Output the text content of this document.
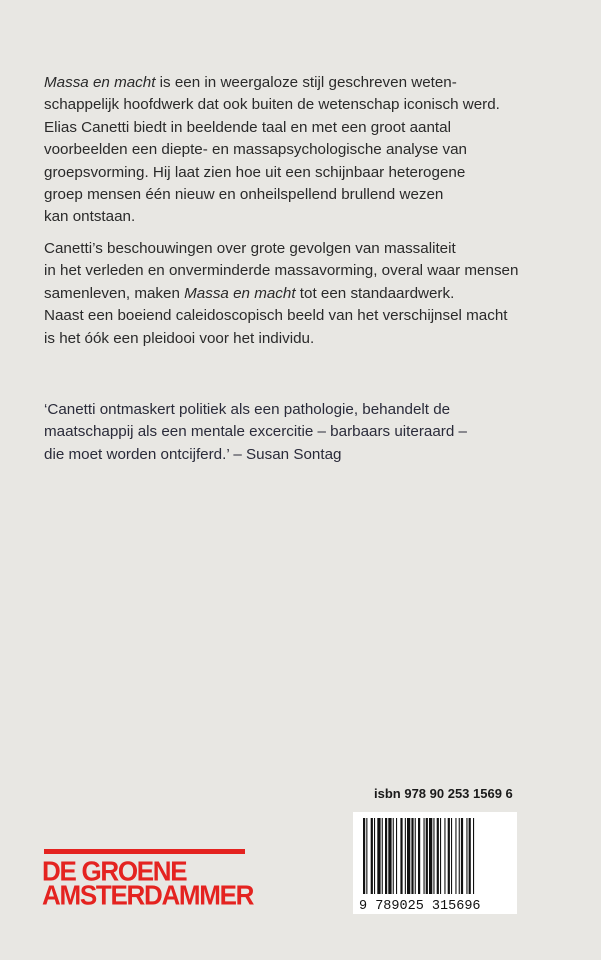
Massa en macht is een in weergaloze stijl geschreven weten-
schappelijk hoofdwerk dat ook buiten de wetenschap iconisch werd.
Elias Canetti biedt in beeldende taal en met een groot aantal
voorbeelden een diepte- en massapsychologische analyse van
groepsvorming. Hij laat zien hoe uit een schijnbaar heterogene
groep mensen één nieuw en onheilspellend brullend wezen
kan ontstaan.

Canetti’s beschouwingen over grote gevolgen van massaliteit
in het verleden en onverminderde massavorming, overal waar mensen
samenleven, maken Massa en macht tot een standaardwerk.
Naast een boeiend caleidoscopisch beeld van het verschijnsel macht
is het óók een pleidooi voor het individu.

‘Canetti ontmaskert politiek als een pathologie, behandelt de
maatschappij als een mentale excercitie – barbaars uiteraard –
die moet worden ontcijferd.’ – Susan Sontag

isbn 978 90 253 1569 6

9 789025 315696
DE GROENE
AMSTERDAMMER
